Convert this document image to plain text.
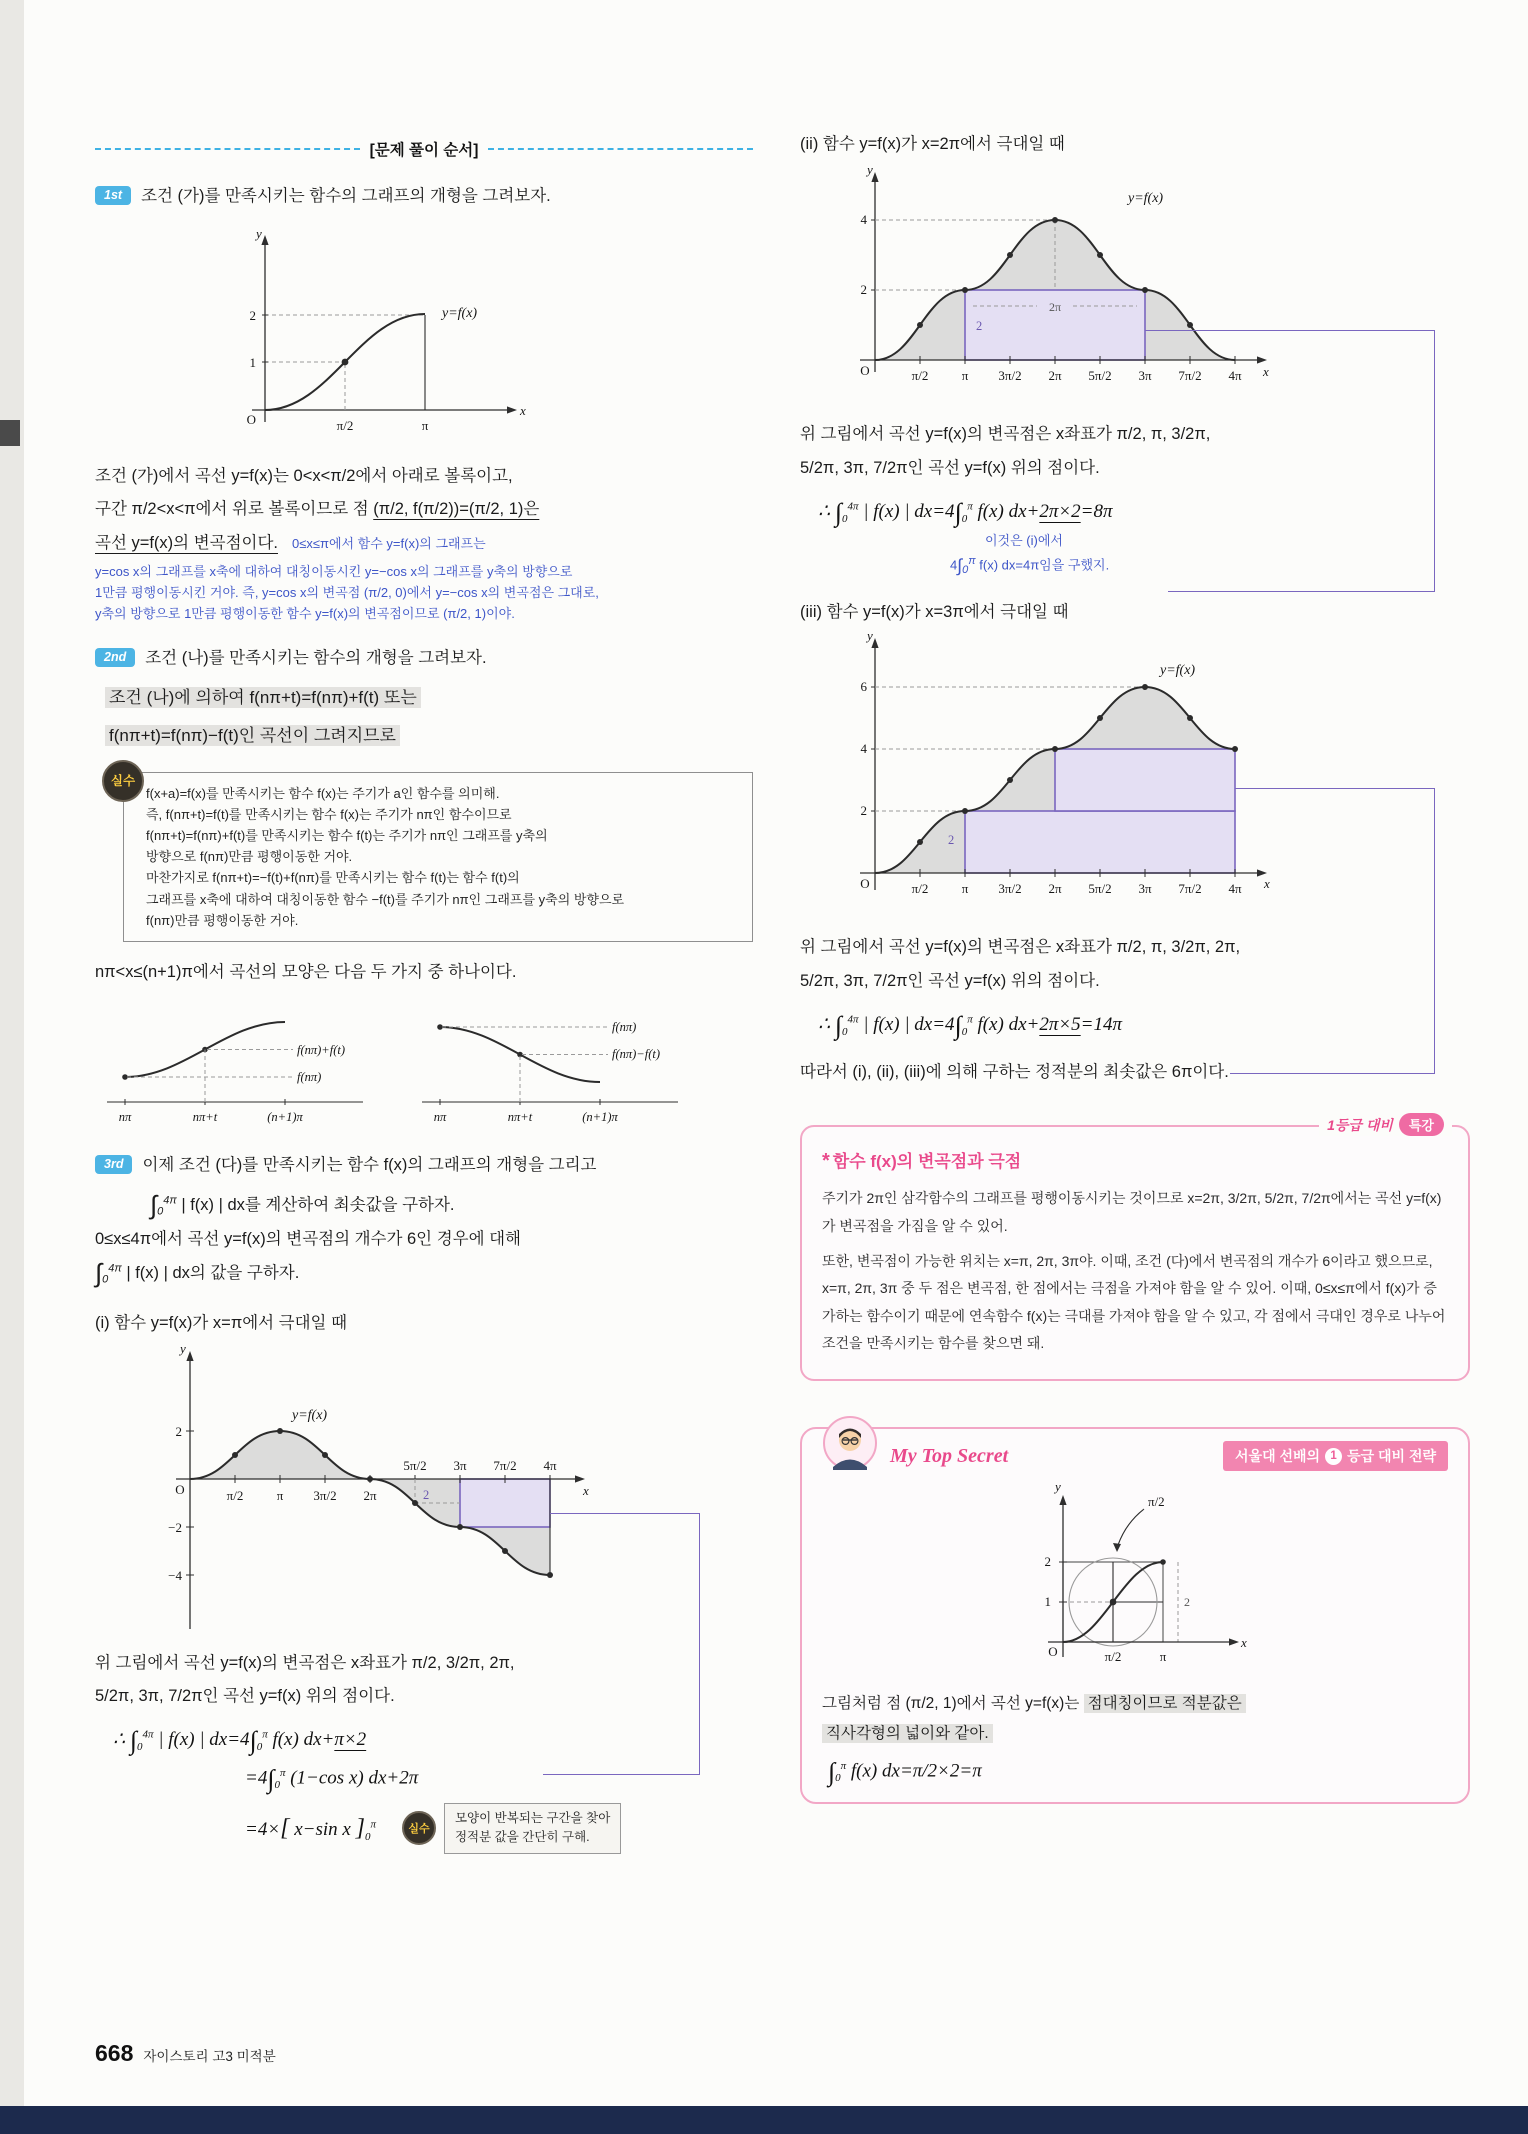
[문제 풀이 순서]
1st	조건 (가)를 만족시키는 함수의 그래프의 개형을 그려보자.
y
x
O
1
2
π/2	π
y=f(x)

조건 (가)에서 곡선 y=f(x)는 0<x<π/2에서 아래로 볼록이고,

구간 π/2<x<π에서 위로 볼록이므로 점 (π/2, f(π/2))=(π/2, 1)은

곡선 y=f(x)의 변곡점이다. 0≤x≤π에서 함수 y=f(x)의 그래프는

y=cos x의 그래프를 x축에 대하여 대칭이동시킨 y=−cos x의 그래프를 y축의 방향으로
1만큼 평행이동시킨 거야. 즉, y=cos x의 변곡점 (π/2, 0)에서 y=−cos x의 변곡점은 그대로,
y축의 방향으로 1만큼 평행이동한 함수 y=f(x)의 변곡점이므로 (π/2, 1)이야.
2nd	조건 (나)를 만족시키는 함수의 개형을 그려보자.

조건 (나)에 의하여 f(nπ+t)=f(nπ)+f(t) 또는

f(nπ+t)=f(nπ)−f(t)인 곡선이 그려지므로

실수
f(x+a)=f(x)를 만족시키는 함수 f(x)는 주기가 a인 함수를 의미해.
즉, f(nπ+t)=f(t)를 만족시키는 함수 f(x)는 주기가 nπ인 함수이므로
f(nπ+t)=f(nπ)+f(t)를 만족시키는 함수 f(t)는 주기가 nπ인 그래프를 y축의
방향으로 f(nπ)만큼 평행이동한 거야.
마찬가지로 f(nπ+t)=−f(t)+f(nπ)를 만족시키는 함수 f(t)는 함수 f(t)의
그래프를 x축에 대하여 대칭이동한 함수 −f(t)를 주기가 nπ인 그래프를 y축의 방향으로
f(nπ)만큼 평행이동한 거야.

nπ<x≤(n+1)π에서 곡선의 모양은 다음 두 가지 중 하나이다.

f(nπ)+f(t)
f(nπ)
nπ	nπ+t	(n+1)π
f(nπ)
f(nπ)−f(t)
nπ	nπ+t	(n+1)π
3rd	이제 조건 (다)를 만족시키는 함수 f(x)의 그래프의 개형을 그리고

$\int_0^{4\pi}$ | f(x) | dx를 계산하여 최솟값을 구하자.

0≤x≤4π에서 곡선 y=f(x)의 변곡점의 개수가 6인 경우에 대해

$\int_0^{4\pi}$ | f(x) | dx의 값을 구하자.

(i) 함수 y=f(x)가 x=π에서 극대일 때

y
x
O
2
−2
−4
π/2	π 3π/2 2π
5π/2 3π 7π/2 4π
2
y=f(x)

위 그림에서 곡선 y=f(x)의 변곡점은 x좌표가 π/2, 3/2π, 2π,

5/2π, 3π, 7/2π인 곡선 y=f(x) 위의 점이다.

∴ $\int_0^{4\pi}$ | f(x) | $dx=4\int_0^\pi$ f(x) dx+π×2

$=4\int_0^\pi$ (1−cos x) dx+2π

=4×[ x−sin x ]$_0^\pi$	실수
모양이 반복되는 구간을 찾아
정적분 값을 간단히 구해.

(ii) 함수 y=f(x)가 x=2π에서 극대일 때

y
x
O
2
4
π/2	π 3π/2 2π 5π/2 3π 7π/2 4π
2π
2
y=f(x)

위 그림에서 곡선 y=f(x)의 변곡점은 x좌표가 π/2, π, 3/2π,

5/2π, 3π, 7/2π인 곡선 y=f(x) 위의 점이다.

∴ $\int_0^{4\pi}$ | f(x) | $dx=4\int_0^\pi$ f(x) dx+2π×2=8π

이것은 (i)에서
$4\int_0^\pi$ f(x) dx=4π임을 구했지.

(iii) 함수 y=f(x)가 x=3π에서 극대일 때

y
x
O
2
4
6
π/2	π 3π/2 2π 5π/2 3π 7π/2 4π
2
y=f(x)

위 그림에서 곡선 y=f(x)의 변곡점은 x좌표가 π/2, π, 3/2π, 2π,

5/2π, 3π, 7/2π인 곡선 y=f(x) 위의 점이다.

∴ $\int_0^{4\pi}$ | f(x) | $dx=4\int_0^\pi$ f(x) dx+2π×5=14π

따라서 (i), (ii), (iii)에 의해 구하는 정적분의 최솟값은 6π이다.

1등급 대비	특강

* 함수 f(x)의 변곡점과 극점

주기가 2π인 삼각함수의 그래프를 평행이동시키는 것이므로 x=2π, 3/2π, 5/2π, 7/2π에서는 곡선 y=f(x)가 변곡점을 가짐을 알 수 있어.

또한, 변곡점이 가능한 위치는 x=π, 2π, 3π야. 이때, 조건 (다)에서 변곡점의 개수가 6이라고 했으므로, x=π, 2π, 3π 중 두 점은 변곡점, 한 점에서는 극점을 가져야 함을 알 수 있어. 이때, 0≤x≤π에서 f(x)가 증가하는 함수이기 때문에 연속함수 f(x)는 극대를 가져야 함을 알 수 있고, 각 점에서 극대인 경우로 나누어 조건을 만족시키는 함수를 찾으면 돼.

My Top Secret	서울대 선배의 1 등급 대비 전략
π/2
2
y
x
O
1
2
π/2	π

그림처럼 점 (π/2, 1)에서 곡선 y=f(x)는 점대칭이므로 적분값은

직사각형의 넓이와 같아.

$\int_0^\pi$ f(x) dx=π/2×2=π

668 자이스토리 고3 미적분
